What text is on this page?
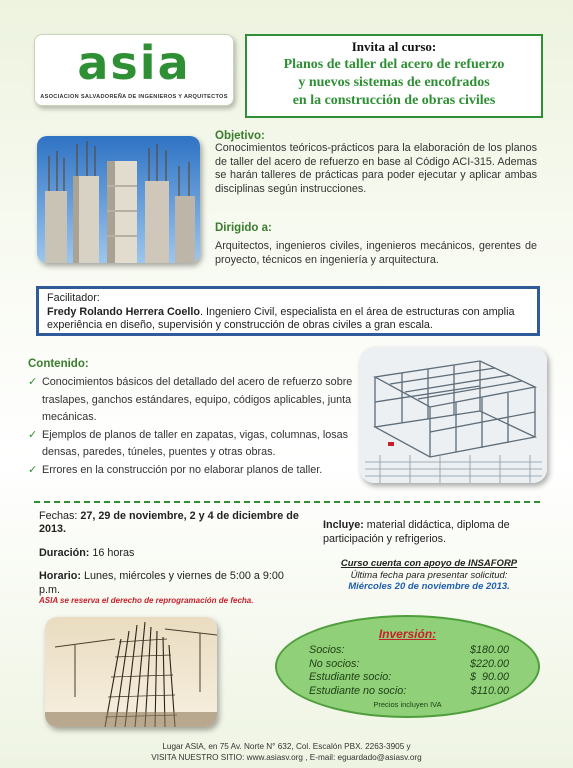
asia
ASOCIACION SALVADOREÑA DE INGENIEROS Y ARQUITECTOS
Invita al curso:
Planos de taller del acero de refuerzo
y nuevos sistemas de encofrados
en la construcción de obras civiles
Objetivo:
Conocimientos teóricos-prácticos para la elaboración de los planos de taller del acero de refuerzo en base al Código ACI-315. Ademas se harán talleres de prácticas para poder ejecutar y aplicar ambas disciplinas según instrucciones.
Dirigido a:
Arquitectos, ingenieros civiles, ingenieros mecánicos, gerentes de proyecto, técnicos en ingeniería y arquitectura.
Facilitador:
Fredy Rolando Herrera Coello. Ingeniero Civil, especialista en el área de estructuras con amplia experiência en diseño, supervisión y construcción de obras civiles a gran escala.
Contenido:
✓ Conocimientos básicos del detallado del acero de refuerzo sobre traslapes, ganchos estándares, equipo, códigos aplicables, junta mecánicas.
✓ Ejemplos de planos de taller en zapatas, vigas, columnas, losas densas, paredes, túneles, puentes y otras obras.
✓ Errores en la construcción por no elaborar planos de taller.
Fechas: 27, 29 de noviembre, 2 y 4 de diciembre de 2013.
Duración: 16 horas
Horario: Lunes, miércoles y viernes de 5:00 a 9:00 p.m.
ASIA se reserva el derecho de reprogramación de fecha.
Incluye: material didáctica, diploma de participación y refrigerios.
Curso cuenta con apoyo de INSAFORP
Última fecha para presentar solicitud:
Miércoles 20 de noviembre de 2013.
Inversión:
Socios:	$180.00
No socios:	$220.00
Estudiante socio:	$  90.00
Estudiante no socio:	$110.00
Precios incluyen IVA
Lugar ASIA, en 75 Av. Norte N° 632, Col. Escalón PBX. 2263-3905 y
VISITA NUESTRO SITIO: www.asiasv.org , E-mail: eguardado@asiasv.org
